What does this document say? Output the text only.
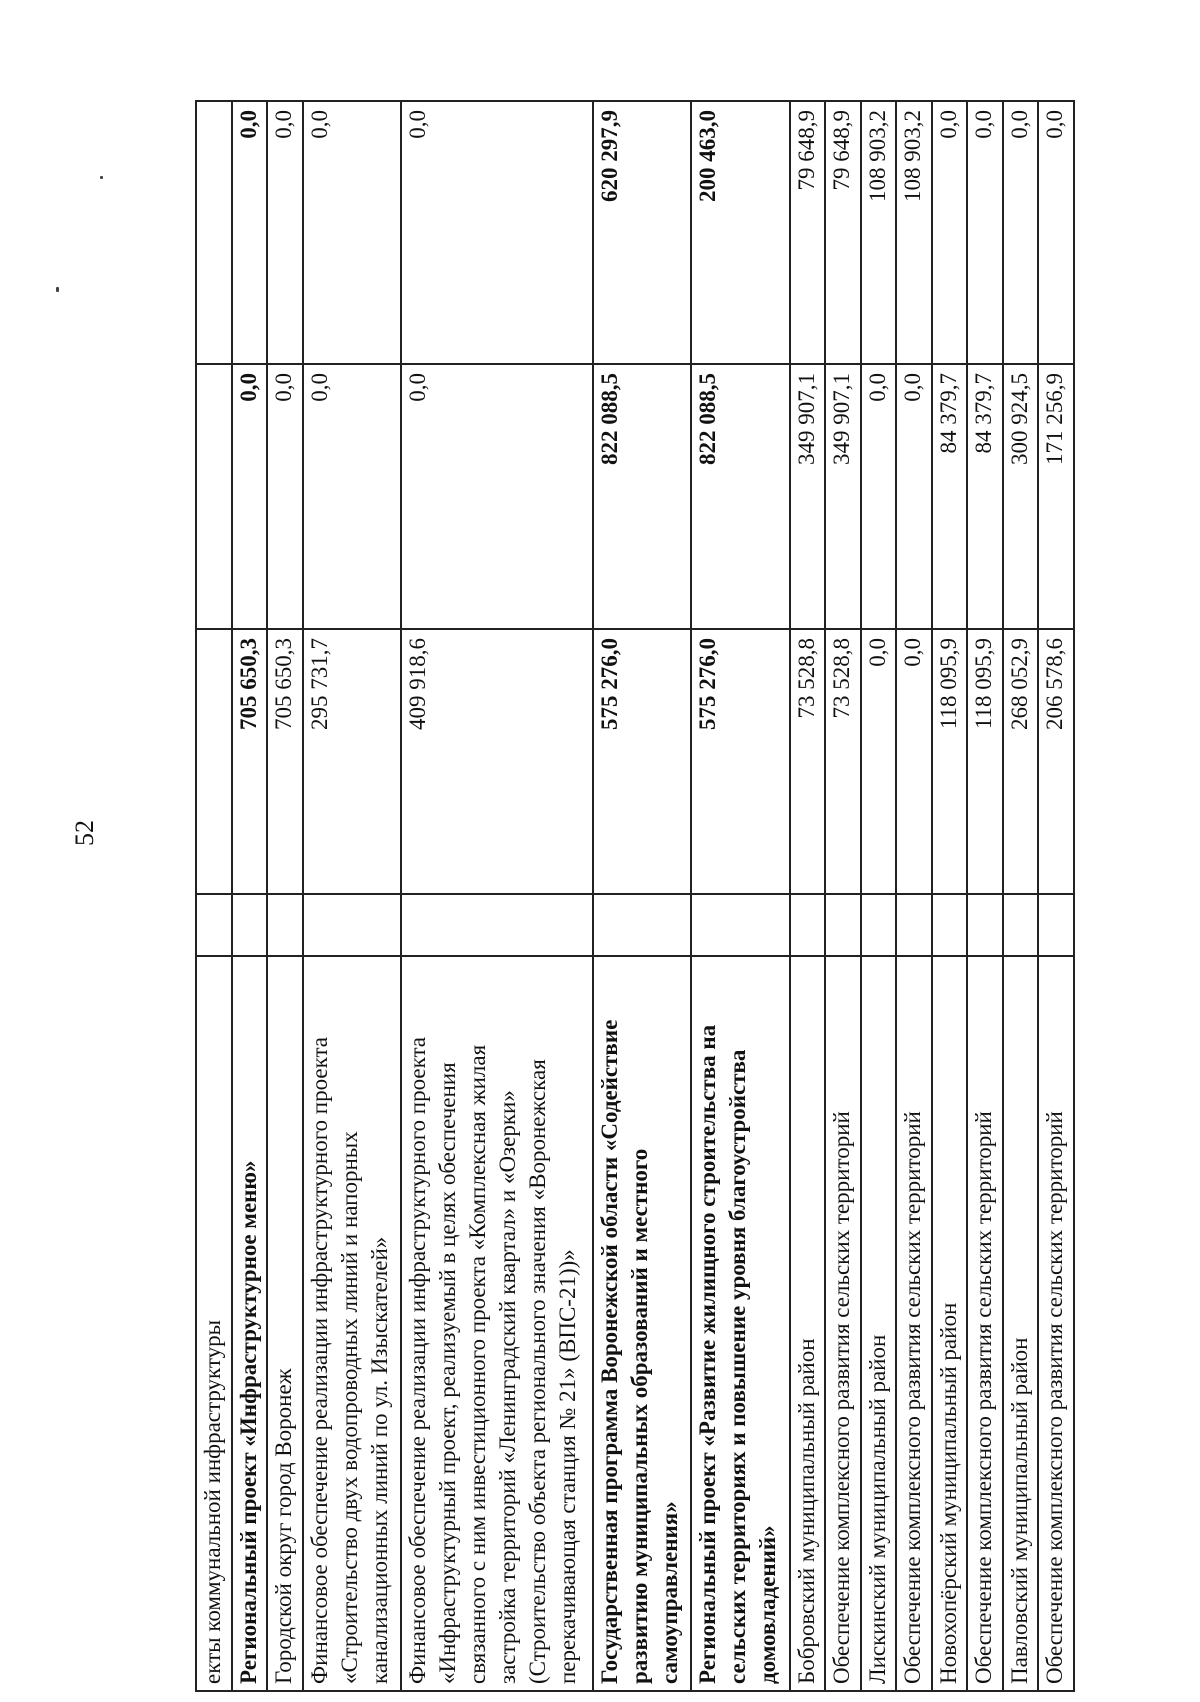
52
екты коммунальной инфраструктуры				
Региональный проект «Инфраструктурное меню»		705 650,3	0,0	0,0
Городской округ город Воронеж		705 650,3	0,0	0,0
Финансовое обеспечение реализации инфраструктурного проекта «Строительство двух водопроводных линий и напорных канализационных линий по ул. Изыскателей»		295 731,7	0,0	0,0
Финансовое обеспечение реализации инфраструктурного проекта «Инфраструктурный проект, реализуемый в целях обеспечения связанного с ним инвестиционного проекта «Комплексная жилая застройка территорий «Ленинградский квартал» и «Озерки» (Строительство объекта регионального значения «Воронежская перекачивающая станция № 21» (ВПС-21))»		409 918,6	0,0	0,0
Государственная программа Воронежской области «Содействие развитию муниципальных образований и местного самоуправления»		575 276,0	822 088,5	620 297,9
Региональный проект «Развитие жилищного строительства на сельских территориях и повышение уровня благоустройства домовладений»		575 276,0	822 088,5	200 463,0
Бобровский муниципальный район		73 528,8	349 907,1	79 648,9
Обеспечение комплексного развития сельских территорий		73 528,8	349 907,1	79 648,9
Лискинский муниципальный район		0,0	0,0	108 903,2
Обеспечение комплексного развития сельских территорий		0,0	0,0	108 903,2
Новохопёрский муниципальный район		118 095,9	84 379,7	0,0
Обеспечение комплексного развития сельских территорий		118 095,9	84 379,7	0,0
Павловский муниципальный район		268 052,9	300 924,5	0,0
Обеспечение комплексного развития сельских территорий		206 578,6	171 256,9	0,0
